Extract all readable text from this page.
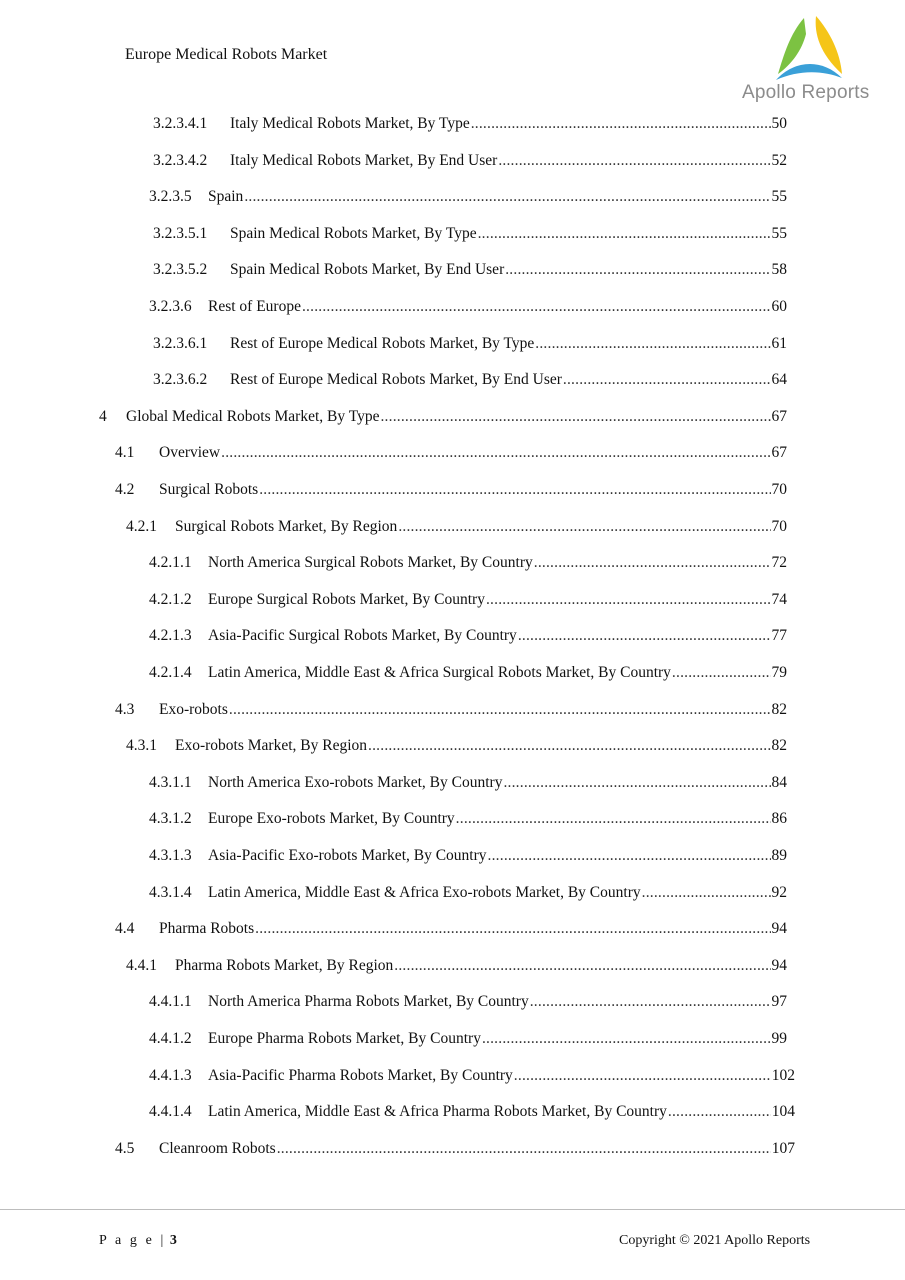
Europe Medical Robots Market
Apollo Reports
3.2.3.4.1	Italy Medical Robots Market, By Type .....	50
3.2.3.4.2	Italy Medical Robots Market, By End User .....	52
3.2.3.5	Spain .....	55
3.2.3.5.1	Spain Medical Robots Market, By Type .....	55
3.2.3.5.2	Spain Medical Robots Market, By End User .....	58
3.2.3.6	Rest of Europe .....	60
3.2.3.6.1	Rest of Europe Medical Robots Market, By Type .....	61
3.2.3.6.2	Rest of Europe Medical Robots Market, By End User .....	64
4	Global Medical Robots Market, By Type .....	67
4.1	Overview .....	67
4.2	Surgical Robots .....	70
4.2.1	Surgical Robots Market, By Region .....	70
4.2.1.1	North America Surgical Robots Market, By Country .....	72
4.2.1.2	Europe Surgical Robots Market, By Country .....	74
4.2.1.3	Asia-Pacific Surgical Robots Market, By Country .....	77
4.2.1.4	Latin America, Middle East & Africa Surgical Robots Market, By Country .....	79
4.3	Exo-robots .....	82
4.3.1	Exo-robots Market, By Region .....	82
4.3.1.1	North America Exo-robots Market, By Country .....	84
4.3.1.2	Europe Exo-robots Market, By Country .....	86
4.3.1.3	Asia-Pacific Exo-robots Market, By Country .....	89
4.3.1.4	Latin America, Middle East & Africa Exo-robots Market, By Country .....	92
4.4	Pharma Robots .....	94
4.4.1	Pharma Robots Market, By Region .....	94
4.4.1.1	North America Pharma Robots Market, By Country .....	97
4.4.1.2	Europe Pharma Robots Market, By Country .....	99
4.4.1.3	Asia-Pacific Pharma Robots Market, By Country .....	102
4.4.1.4	Latin America, Middle East & Africa Pharma Robots Market, By Country .....	104
4.5	Cleanroom Robots .....	107
P a g e | 3	Copyright © 2021 Apollo Reports
